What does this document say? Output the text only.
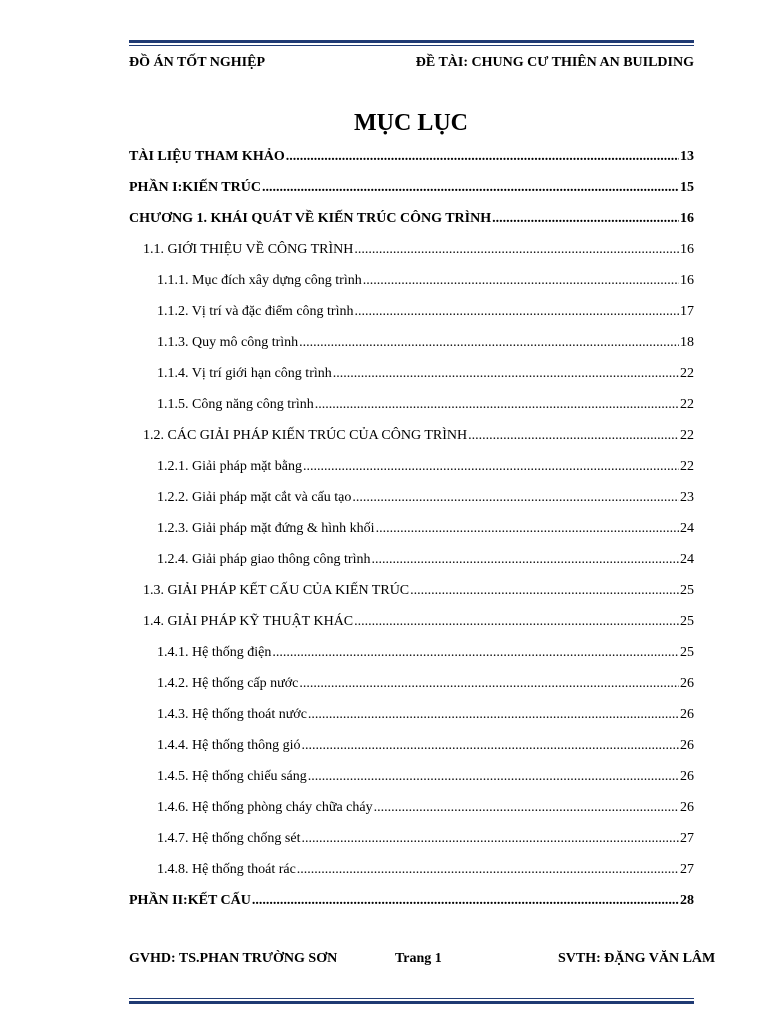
ĐỒ ÁN TỐT NGHIỆP	ĐỀ TÀI: CHUNG CƯ THIÊN AN BUILDING
MỤC LỤC
TÀI LIỆU THAM KHẢO .....	13
PHẦN I:KIẾN TRÚC .....	15
CHƯƠNG 1. KHÁI QUÁT VỀ KIẾN TRÚC CÔNG TRÌNH .....	16
1.1. GIỚI THIỆU VỀ CÔNG TRÌNH .....	16
1.1.1. Mục đích xây dựng công trình .....	16
1.1.2. Vị trí và đặc điểm công trình .....	17
1.1.3. Quy mô công trình .....	18
1.1.4. Vị trí giới hạn công trình .....	22
1.1.5. Công năng công trình .....	22
1.2. CÁC GIẢI PHÁP KIẾN TRÚC CỦA CÔNG TRÌNH .....	22
1.2.1. Giải pháp mặt bằng .....	22
1.2.2. Giải pháp mặt cắt và cấu tạo .....	23
1.2.3. Giải pháp mặt đứng & hình khối .....	24
1.2.4. Giải pháp giao thông công trình .....	24
1.3. GIẢI PHÁP KẾT CẤU CỦA KIẾN TRÚC .....	25
1.4. GIẢI PHÁP KỸ THUẬT KHÁC .....	25
1.4.1. Hệ thống điện .....	25
1.4.2. Hệ thống cấp nước .....	26
1.4.3. Hệ thống thoát nước .....	26
1.4.4. Hệ thống thông gió .....	26
1.4.5. Hệ thống chiếu sáng .....	26
1.4.6. Hệ thống phòng cháy chữa cháy .....	26
1.4.7. Hệ thống chống sét .....	27
1.4.8. Hệ thống thoát rác .....	27
PHẦN II:KẾT CẤU .....	28
GVHD: TS.PHAN TRƯỜNG SƠN	Trang 1	SVTH: ĐẶNG VĂN LÂM
